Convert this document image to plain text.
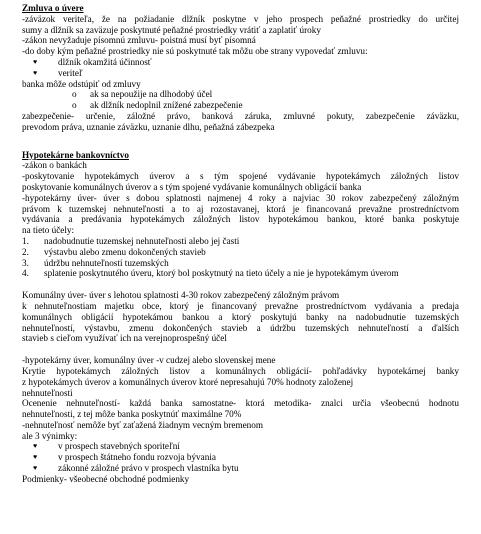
Zmluva o úvere
-záväzok veriteľa, že na požiadanie dlžník poskytne v jeho prospech peňažné prostriedky do určitej
sumy a dlžník sa zaväzuje poskytnuté peňažné prostriedky vrátiť a zaplatiť úroky
-zákon nevyžaduje písomnú zmluvu- poistná musí byť písomná
-do doby kým peňažné prostriedky nie sú poskytnuté tak môžu obe strany vypovedať zmluvu:
♥ dlžník okamžitá účinnosť
♥ veriteľ
banka môže odstúpiť od zmluvy
o ak sa nepoužije na dlhodobý účel
o ak dlžník nedoplnil znížené zabezpečenie
zabezpečenie- určenie, záložné právo, banková záruka, zmluvné pokuty, zabezpečenie záväzku,
prevodom práva, uznanie záväzku, uznanie dlhu, peňažná zábezpeka
Hypotekárne bankovníctvo
-zákon o bankách
-poskytovanie hypotekámych úverov a s tým spojené vydávanie hypotekámych záložných listov
poskytovanie komunálnych úverov a s tým spojené vydávanie komunálnych obligácií banka
-hypotekárny úver- úver s dobou splatnosti najmenej 4 roky a najviac 30 rokov zabezpečený záložným
právom k tuzemskej nehnuteľnosti a to aj rozostavanej, ktorá je financovaná prevažne prostredníctvom
vydávania a predávania hypotekámych záložných listov hypotekámou bankou, ktoré banka poskytuje
na tieto účely:
1. nadobudnutie tuzemskej nehnuteľnosti alebo jej časti
2. výstavbu alebo zmenu dokončených stavieb
3. údržbu nehnuteľností tuzemských
4. splatenie poskytnutého úveru, ktorý bol poskytnutý na tieto účely a nie je hypotekámym úverom
Komunálny úver- úver s lehotou splatnosti 4-30 rokov zabezpečený záložným právom
k nehnuteľnostiam majetku obce, ktorý je financovaný prevažne prostredníctvom vydávania a predaja
komunálnych obligácií hypotekámou bankou a ktorý poskytujú banky na nadobudnutie tuzemských
nehnuteľností, výstavbu, zmenu dokončených stavieb a údržbu tuzemských nehnuteľností a ďalších
stavieb s cieľom využívať ich na verejnoprospešný účel
-hypotekárny úver, komunálny úver -v cudzej alebo slovenskej mene
Krytie hypotekámych záložných listov a komunálnych obligácií- pohľadávky hypotekárnej banky
z hypotekámych úverov a komunálnych úverov ktoré nepresahujú 70% hodnoty založenej
nehnuteľnosti
Ocenenie nehnuteľností- každá banka samostatne- ktorá metodika- znalci určia všeobecnú hodnotu
nehnuteľnosti, z tej môže banka poskytnúť maximálne 70%
-nehnuteľnosť nemôže byť zaťažená žiadnym vecným bremenom
ale 3 výnimky:
♥ v prospech stavebných sporiteľní
♥ v prospech štátneho fondu rozvoja bývania
♥ zákonné záložné právo v prospech vlastníka bytu
Podmienky- všeobecné obchodné podmienky
